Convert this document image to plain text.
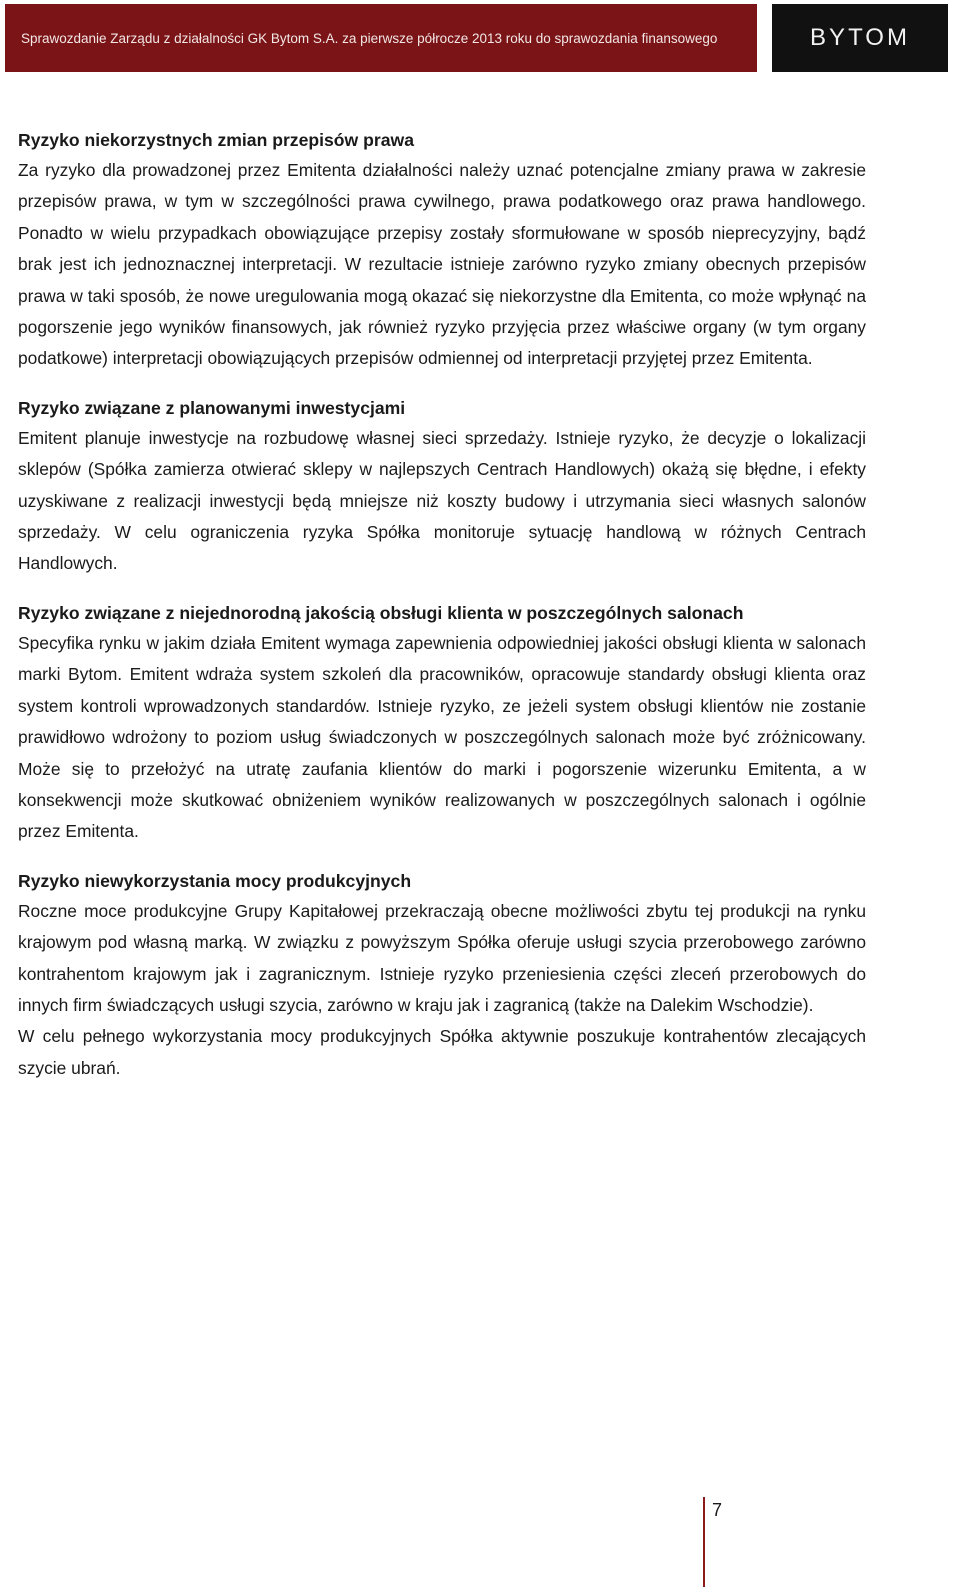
Sprawozdanie Zarządu z działalności GK Bytom S.A. za pierwsze półrocze 2013 roku do sprawozdania finansowego	BYTOM
Ryzyko niekorzystnych zmian przepisów prawa

Za ryzyko dla prowadzonej przez Emitenta działalności należy uznać potencjalne zmiany prawa w zakresie przepisów prawa, w tym w szczególności prawa cywilnego, prawa podatkowego oraz prawa handlowego. Ponadto w wielu przypadkach obowiązujące przepisy zostały sformułowane w sposób nieprecyzyjny, bądź brak jest ich jednoznacznej interpretacji. W rezultacie istnieje zarówno ryzyko zmiany obecnych przepisów prawa w taki sposób, że nowe uregulowania mogą okazać się niekorzystne dla Emitenta, co może wpłynąć na pogorszenie jego wyników finansowych, jak również ryzyko przyjęcia przez właściwe organy (w tym organy podatkowe) interpretacji obowiązujących przepisów odmiennej od interpretacji przyjętej przez Emitenta.

Ryzyko związane z planowanymi inwestycjami

Emitent planuje inwestycje na rozbudowę własnej sieci sprzedaży. Istnieje ryzyko, że decyzje o lokalizacji sklepów (Spółka zamierza otwierać sklepy w najlepszych Centrach Handlowych) okażą się błędne, i efekty uzyskiwane z realizacji inwestycji będą mniejsze niż koszty budowy i utrzymania sieci własnych salonów sprzedaży. W celu ograniczenia ryzyka Spółka monitoruje sytuację handlową w różnych Centrach Handlowych.

Ryzyko związane z niejednorodną jakością obsługi klienta w poszczególnych salonach

Specyfika rynku w jakim działa Emitent wymaga zapewnienia odpowiedniej jakości obsługi klienta w salonach marki Bytom. Emitent wdraża system szkoleń dla pracowników, opracowuje standardy obsługi klienta oraz system kontroli wprowadzonych standardów. Istnieje ryzyko, ze jeżeli system obsługi klientów nie zostanie prawidłowo wdrożony to poziom usług świadczonych w poszczególnych salonach może być zróżnicowany. Może się to przełożyć na utratę zaufania klientów do marki i pogorszenie wizerunku Emitenta, a w konsekwencji może skutkować obniżeniem wyników realizowanych w poszczególnych salonach i ogólnie przez Emitenta.

Ryzyko niewykorzystania mocy produkcyjnych

Roczne moce produkcyjne Grupy Kapitałowej przekraczają obecne możliwości zbytu tej produkcji na rynku krajowym pod własną marką. W związku z powyższym Spółka oferuje usługi szycia przerobowego zarówno kontrahentom krajowym jak i zagranicznym. Istnieje ryzyko przeniesienia części zleceń przerobowych do innych firm świadczących usługi szycia, zarówno w kraju jak i zagranicą (także na Dalekim Wschodzie).

W celu pełnego wykorzystania mocy produkcyjnych Spółka aktywnie poszukuje kontrahentów zlecających szycie ubrań.

7
